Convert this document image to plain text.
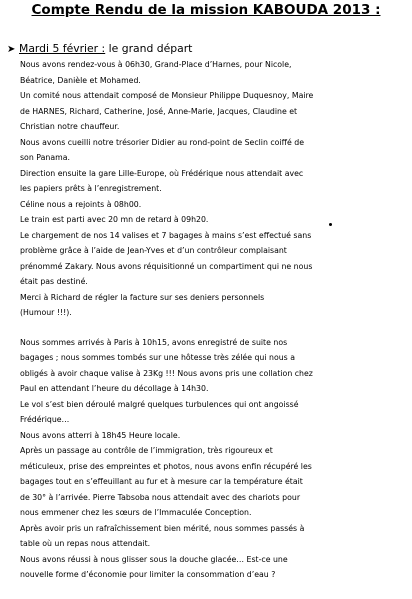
Compte Rendu de la mission KABOUDA 2013 :
➤ Mardi 5 février : le grand départ
Nous avons rendez-vous à 06h30, Grand-Place d’Harnes, pour Nicole,
Béatrice, Danièle et Mohamed.
Un comité nous attendait composé de Monsieur Philippe Duquesnoy, Maire
de HARNES, Richard, Catherine, José, Anne-Marie, Jacques, Claudine et
Christian notre chauffeur.
Nous avons cueilli notre trésorier Didier au rond-point de Seclin coiffé de
son Panama.
Direction ensuite la gare Lille-Europe, où Frédérique nous attendait avec
les papiers prêts à l’enregistrement.
Céline nous a rejoints à 08h00.
Le train est parti avec 20 mn de retard à 09h20.
Le chargement de nos 14 valises et 7 bagages à mains s’est effectué sans
problème grâce à l’aide de Jean-Yves et d’un contrôleur complaisant
prénommé Zakary. Nous avons réquisitionné un compartiment qui ne nous
était pas destiné.
Merci à Richard de régler la facture sur ses deniers personnels
(Humour !!!).
Nous sommes arrivés à Paris à 10h15, avons enregistré de suite nos
bagages ; nous sommes tombés sur une hôtesse très zélée qui nous a
obligés à avoir chaque valise à 23Kg !!! Nous avons pris une collation chez
Paul en attendant l’heure du décollage à 14h30.
Le vol s’est bien déroulé malgré quelques turbulences qui ont angoissé
Frédérique…
Nous avons atterri à 18h45 Heure locale.
Après un passage au contrôle de l’immigration, très rigoureux et
méticuleux, prise des empreintes et photos, nous avons enfin récupéré les
bagages tout en s’effeuillant au fur et à mesure car la température était
de 30° à l’arrivée. Pierre Tabsoba nous attendait avec des chariots pour
nous emmener chez les sœurs de l’Immaculée Conception.
Après avoir pris un rafraîchissement bien mérité, nous sommes passés à
table où un repas nous attendait.
Nous avons réussi à nous glisser sous la douche glacée… Est-ce une
nouvelle forme d’économie pour limiter la consommation d’eau ?
